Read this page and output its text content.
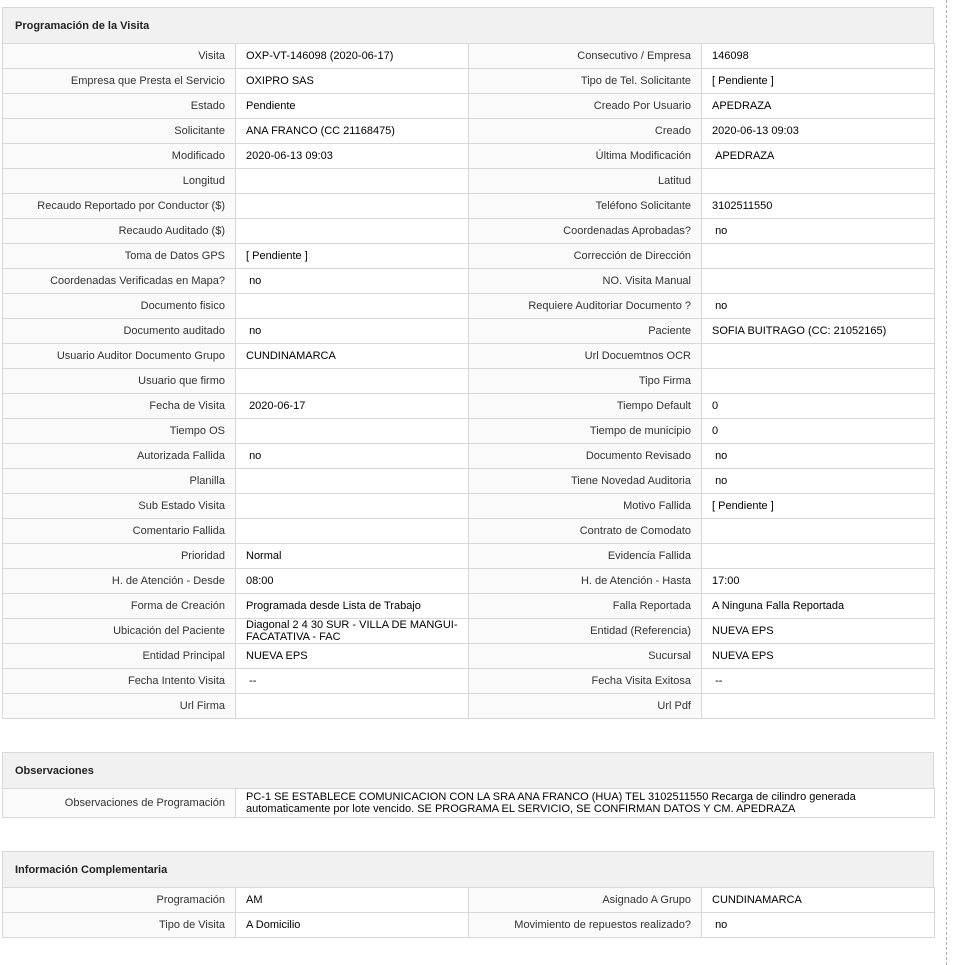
Programación de la Visita
Visita	OXP-VT-146098 (2020-06-17)	Consecutivo / Empresa	146098
Empresa que Presta el Servicio	OXIPRO SAS	Tipo de Tel. Solicitante	[ Pendiente ]
Estado	Pendiente	Creado Por Usuario	APEDRAZA
Solicitante	ANA FRANCO (CC 21168475)	Creado	2020-06-13 09:03
Modificado	2020-06-13 09:03	Última Modificación	APEDRAZA
Longitud		Latitud	
Recaudo Reportado por Conductor ($)		Teléfono Solicitante	3102511550
Recaudo Auditado ($)		Coordenadas Aprobadas?	no
Toma de Datos GPS	[ Pendiente ]	Corrección de Dirección	
Coordenadas Verificadas en Mapa?	no	NO. Visita Manual	
Documento fisico		Requiere Auditoriar Documento ?	no
Documento auditado	no	Paciente	SOFIA BUITRAGO (CC: 21052165)
Usuario Auditor Documento Grupo	CUNDINAMARCA	Url Docuemtnos OCR	
Usuario que firmo		Tipo Firma	
Fecha de Visita	2020-06-17	Tiempo Default	0
Tiempo OS		Tiempo de municipio	0
Autorizada Fallida	no	Documento Revisado	no
Planilla		Tiene Novedad Auditoria	no
Sub Estado Visita		Motivo Fallida	[ Pendiente ]
Comentario Fallida		Contrato de Comodato	
Prioridad	Normal	Evidencia Fallida	
H. de Atención - Desde	08:00	H. de Atención - Hasta	17:00
Forma de Creación	Programada desde Lista de Trabajo	Falla Reportada	A Ninguna Falla Reportada
Ubicación del Paciente	Diagonal 2 4 30 SUR - VILLA DE MANGUI- FACATATIVA - FAC	Entidad (Referencia)	NUEVA EPS
Entidad Principal	NUEVA EPS	Sucursal	NUEVA EPS
Fecha Intento Visita	--	Fecha Visita Exitosa	--
Url Firma		Url Pdf	
Observaciones
Observaciones de Programación	PC-1 SE ESTABLECE COMUNICACION CON LA SRA ANA FRANCO (HUA) TEL 3102511550 Recarga de cilindro generada automaticamente por lote vencido. SE PROGRAMA EL SERVICIO, SE CONFIRMAN DATOS Y CM. APEDRAZA
Información Complementaria
Programación	AM	Asignado A Grupo	CUNDINAMARCA
Tipo de Visita	A Domicilio	Movimiento de repuestos realizado?	no
